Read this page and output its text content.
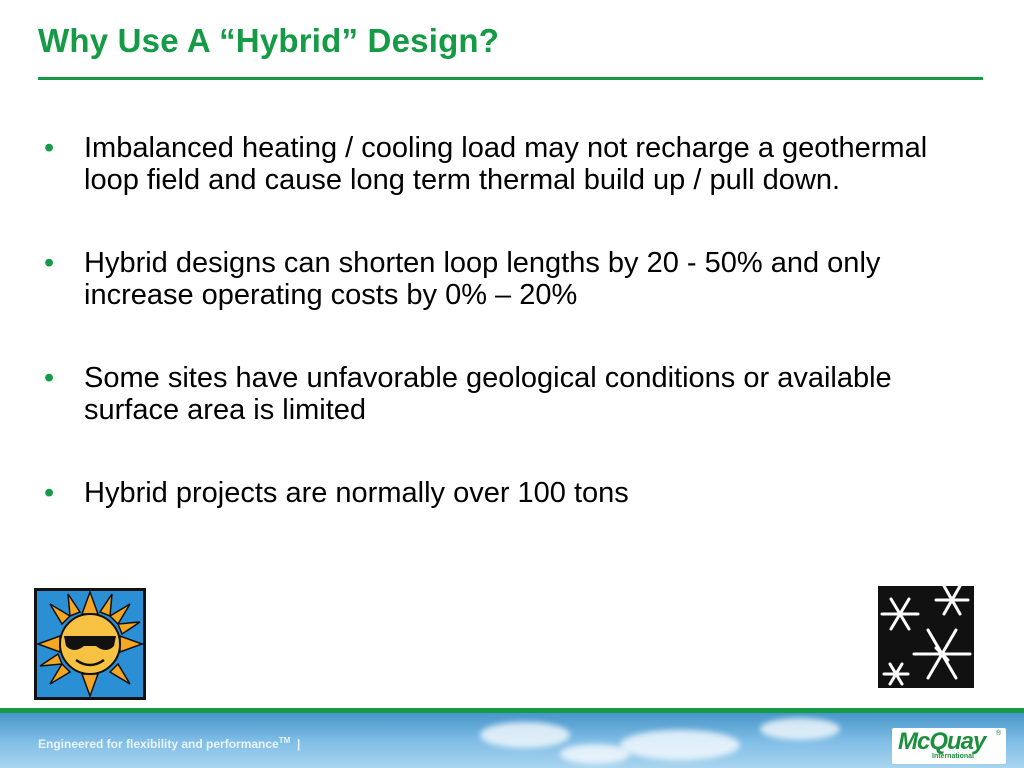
Why Use A “Hybrid” Design?
•	Imbalanced heating / cooling load may not recharge a geothermal loop field and cause long term thermal build up / pull down.
•	Hybrid designs can shorten loop lengths by 20 - 50% and only increase operating costs by 0% – 20%
•	Some sites have unfavorable geological conditions or available surface area is limited
•	Hybrid projects are normally over 100 tons
Engineered for flexibility and performance™ |	McQuay ®
International
